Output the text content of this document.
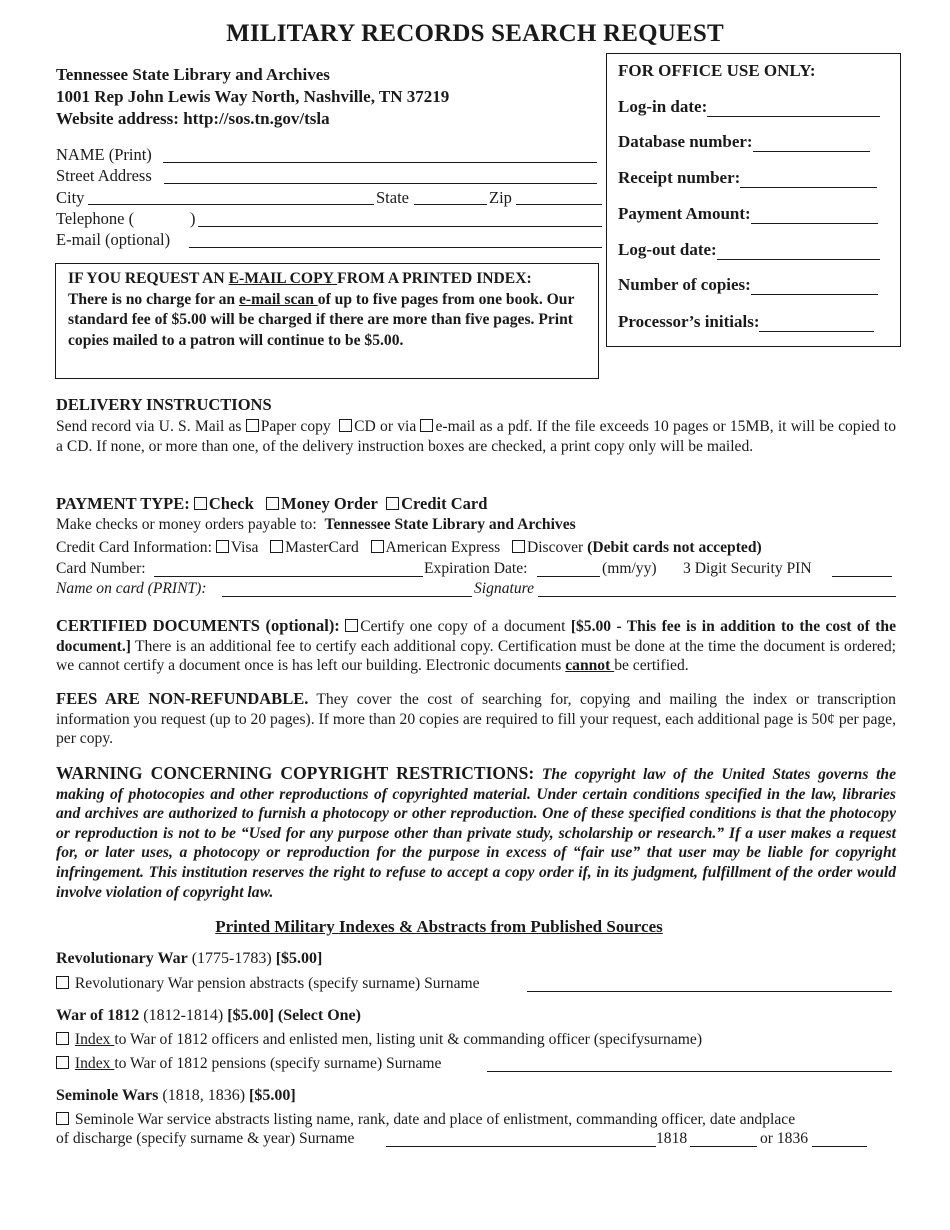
MILITARY RECORDS SEARCH REQUEST
Tennessee State Library and Archives
1001 Rep John Lewis Way North, Nashville, TN 37219
Website address: http://sos.tn.gov/tsla
NAME (Print)
Street Address
City	State	Zip
Telephone (	)
E-mail (optional)
IF YOU REQUEST AN E-MAIL COPY FROM A PRINTED INDEX:
There is no charge for an e-mail scan of up to five pages from one book. Our standard fee of $5.00 will be charged if there are more than five pages. Print copies mailed to a patron will continue to be $5.00.
FOR OFFICE USE ONLY:
Log-in date:
Database number:
Receipt number:
Payment Amount:
Log-out date:
Number of copies:
Processor’s initials:
DELIVERY INSTRUCTIONS
Send record via U. S. Mail as Paper copy CD or via e-mail as a pdf. If the file exceeds 10 pages or 15MB, it will be copied to a CD. If none, or more than one, of the delivery instruction boxes are checked, a print copy only will be mailed.
PAYMENT TYPE: Check Money Order Credit Card
Make checks or money orders payable to: Tennessee State Library and Archives
Credit Card Information: Visa MasterCard American Express Discover (Debit cards not accepted)
Card Number:	Expiration Date:	(mm/yy) 3 Digit Security PIN
Name on card (PRINT):	Signature
CERTIFIED DOCUMENTS (optional): Certify one copy of a document [$5.00 - This fee is in addition to the cost of the document.] There is an additional fee to certify each additional copy. Certification must be done at the time the document is ordered; we cannot certify a document once is has left our building. Electronic documents cannot be certified.
FEES ARE NON-REFUNDABLE. They cover the cost of searching for, copying and mailing the index or transcription information you request (up to 20 pages). If more than 20 copies are required to fill your request, each additional page is 50¢ per page, per copy.
WARNING CONCERNING COPYRIGHT RESTRICTIONS: The copyright law of the United States governs the making of photocopies and other reproductions of copyrighted material. Under certain conditions specified in the law, libraries and archives are authorized to furnish a photocopy or other reproduction. One of these specified conditions is that the photocopy or reproduction is not to be “Used for any purpose other than private study, scholarship or research.” If a user makes a request for, or later uses, a photocopy or reproduction for the purpose in excess of “fair use” that user may be liable for copyright infringement. This institution reserves the right to refuse to accept a copy order if, in its judgment, fulfillment of the order would involve violation of copyright law.
Printed Military Indexes & Abstracts from Published Sources
Revolutionary War (1775-1783) [$5.00]
Revolutionary War pension abstracts (specify surname) Surname
War of 1812 (1812-1814) [$5.00] (Select One)
Index to War of 1812 officers and enlisted men, listing unit & commanding officer (specifysurname)
Index to War of 1812 pensions (specify surname) Surname
Seminole Wars (1818, 1836) [$5.00]
Seminole War service abstracts listing name, rank, date and place of enlistment, commanding officer, date andplace
of discharge (specify surname & year) Surname	1818	or 1836
